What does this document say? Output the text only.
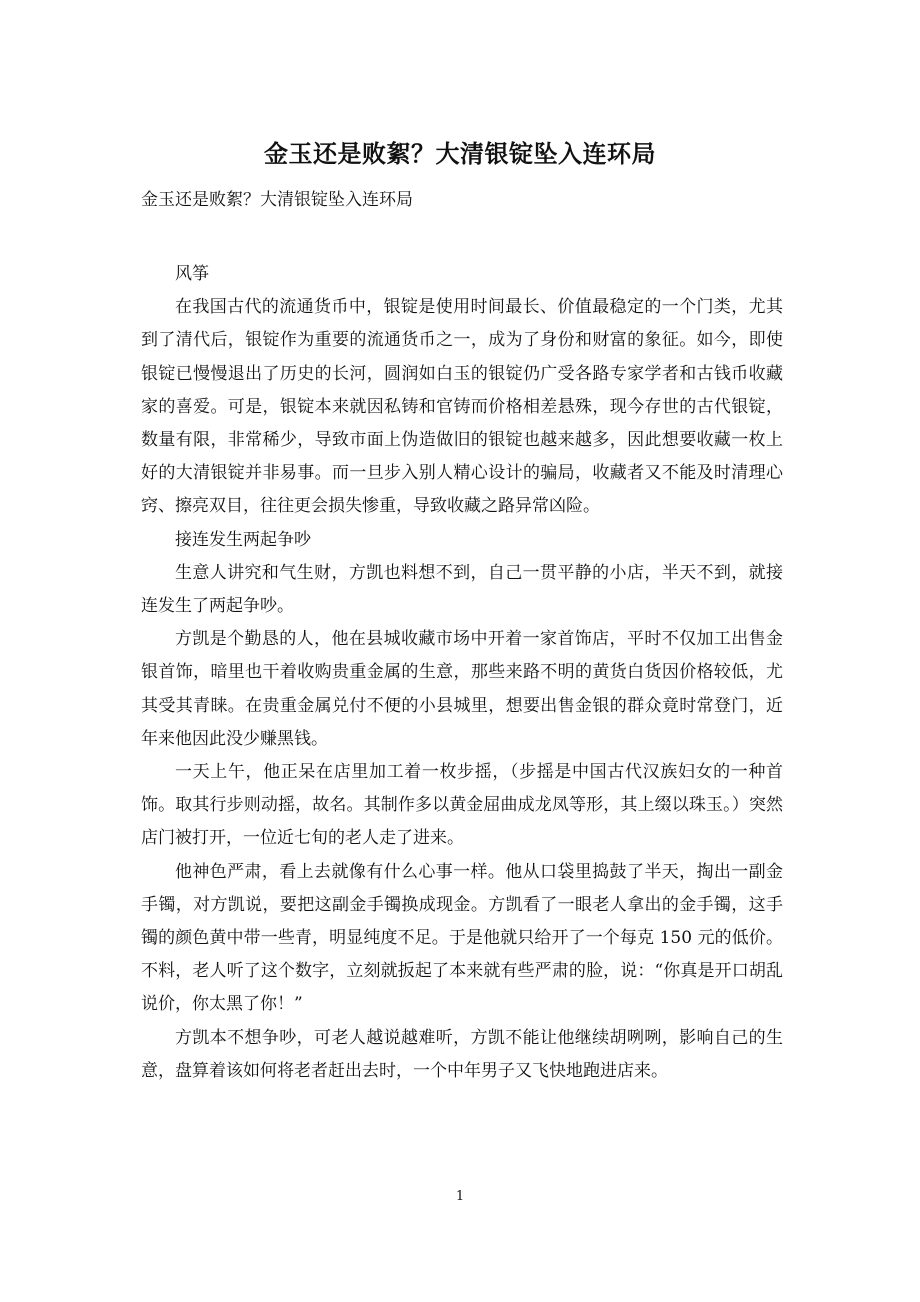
金玉还是败絮？大清银锭坠入连环局
金玉还是败絮？大清银锭坠入连环局

风筝

在我国古代的流通货币中，银锭是使用时间最长、价值最稳定的一个门类，尤其到了清代后，银锭作为重要的流通货币之一，成为了身份和财富的象征。如今，即使银锭已慢慢退出了历史的长河，圆润如白玉的银锭仍广受各路专家学者和古钱币收藏家的喜爱。可是，银锭本来就因私铸和官铸而价格相差悬殊，现今存世的古代银锭，数量有限，非常稀少，导致市面上伪造做旧的银锭也越来越多，因此想要收藏一枚上好的大清银锭并非易事。而一旦步入别人精心设计的骗局，收藏者又不能及时清理心窍、擦亮双目，往往更会损失惨重，导致收藏之路异常凶险。

接连发生两起争吵

生意人讲究和气生财，方凯也料想不到，自己一贯平静的小店，半天不到，就接连发生了两起争吵。

方凯是个勤恳的人，他在县城收藏市场中开着一家首饰店，平时不仅加工出售金银首饰，暗里也干着收购贵重金属的生意，那些来路不明的黄货白货因价格较低，尤其受其青睐。在贵重金属兑付不便的小县城里，想要出售金银的群众竟时常登门，近年来他因此没少赚黑钱。

一天上午，他正呆在店里加工着一枚步摇，（步摇是中国古代汉族妇女的一种首饰。取其行步则动摇，故名。其制作多以黄金屈曲成龙凤等形，其上缀以珠玉。）突然店门被打开，一位近七旬的老人走了进来。

他神色严肃，看上去就像有什么心事一样。他从口袋里捣鼓了半天，掏出一副金手镯，对方凯说，要把这副金手镯换成现金。方凯看了一眼老人拿出的金手镯，这手镯的颜色黄中带一些青，明显纯度不足。于是他就只给开了一个每克 150 元的低价。不料，老人听了这个数字，立刻就扳起了本来就有些严肃的脸，说：“你真是开口胡乱说价，你太黑了你！”

方凯本不想争吵，可老人越说越难听，方凯不能让他继续胡咧咧，影响自己的生意，盘算着该如何将老者赶出去时，一个中年男子又飞快地跑进店来。

1
